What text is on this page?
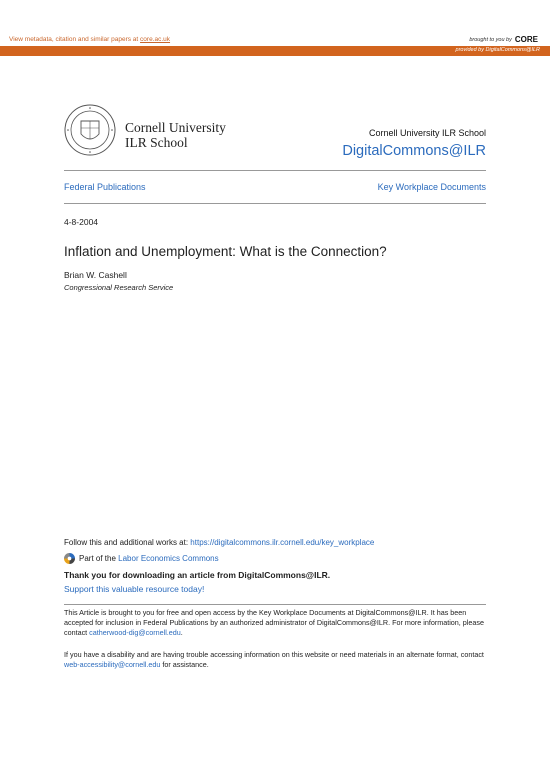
View metadata, citation and similar papers at core.ac.uk	brought to you by CORE
provided by DigitalCommons@ILR
Cornell University
ILR School
Cornell University ILR School
DigitalCommons@ILR
Federal Publications	Key Workplace Documents
4-8-2004
Inflation and Unemployment: What is the Connection?
Brian W. Cashell
Congressional Research Service
Follow this and additional works at: https://digitalcommons.ilr.cornell.edu/key_workplace
Part of the Labor Economics Commons
Thank you for downloading an article from DigitalCommons@ILR.
Support this valuable resource today!
This Article is brought to you for free and open access by the Key Workplace Documents at DigitalCommons@ILR. It has been accepted for inclusion in Federal Publications by an authorized administrator of DigitalCommons@ILR. For more information, please contact catherwood-dig@cornell.edu.
If you have a disability and are having trouble accessing information on this website or need materials in an alternate format, contact web-accessibility@cornell.edu for assistance.
